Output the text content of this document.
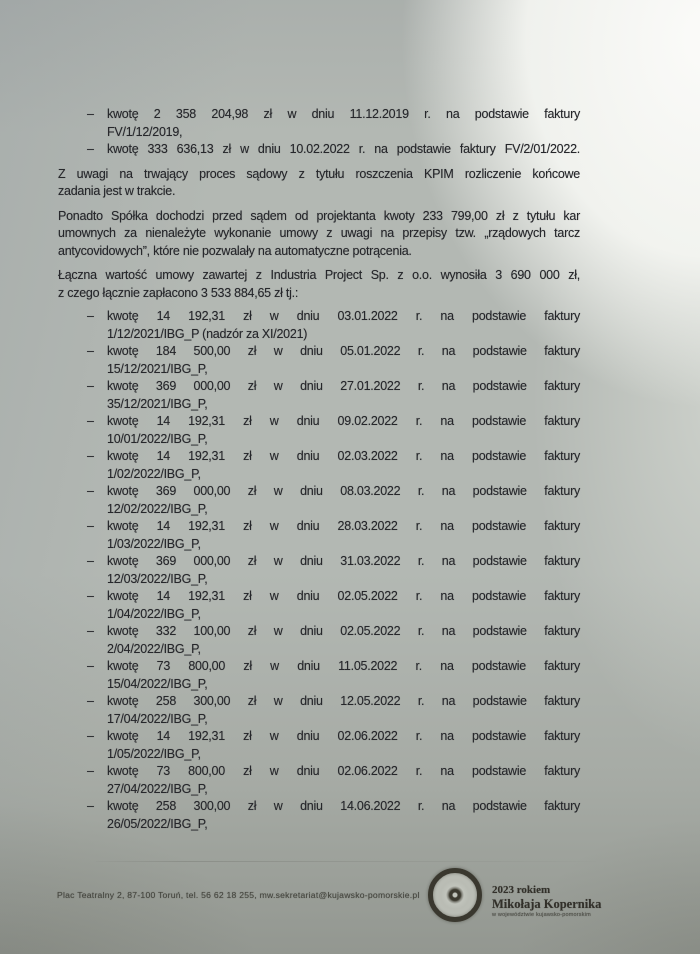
– kwotę 2 358 204,98 zł w dniu 11.12.2019 r. na podstawie faktury
FV/1/12/2019,
– kwotę 333 636,13 zł w dniu 10.02.2022 r. na podstawie faktury FV/2/01/2022.
Z uwagi na trwający proces sądowy z tytułu roszczenia KPIM rozliczenie końcowe
zadania jest w trakcie.
Ponadto Spółka dochodzi przed sądem od projektanta kwoty 233 799,00 zł z tytułu kar
umownych za nienależyte wykonanie umowy z uwagi na przepisy tzw. „rządowych tarcz
antycovidowych”, które nie pozwalały na automatyczne potrącenia.
Łączna wartość umowy zawartej z Industria Project Sp. z o.o. wynosiła 3 690 000 zł,
z czego łącznie zapłacono 3 533 884,65 zł tj.:
– kwotę 14 192,31 zł w dniu 03.01.2022 r. na podstawie faktury
1/12/2021/IBG_P (nadzór za XI/2021)
– kwotę 184 500,00 zł w dniu 05.01.2022 r. na podstawie faktury
15/12/2021/IBG_P,
– kwotę 369 000,00 zł w dniu 27.01.2022 r. na podstawie faktury
35/12/2021/IBG_P,
– kwotę 14 192,31 zł w dniu 09.02.2022 r. na podstawie faktury
10/01/2022/IBG_P,
– kwotę 14 192,31 zł w dniu 02.03.2022 r. na podstawie faktury
1/02/2022/IBG_P,
– kwotę 369 000,00 zł w dniu 08.03.2022 r. na podstawie faktury
12/02/2022/IBG_P,
– kwotę 14 192,31 zł w dniu 28.03.2022 r. na podstawie faktury
1/03/2022/IBG_P,
– kwotę 369 000,00 zł w dniu 31.03.2022 r. na podstawie faktury
12/03/2022/IBG_P,
– kwotę 14 192,31 zł w dniu 02.05.2022 r. na podstawie faktury
1/04/2022/IBG_P,
– kwotę 332 100,00 zł w dniu 02.05.2022 r. na podstawie faktury
2/04/2022/IBG_P,
– kwotę 73 800,00 zł w dniu 11.05.2022 r. na podstawie faktury
15/04/2022/IBG_P,
– kwotę 258 300,00 zł w dniu 12.05.2022 r. na podstawie faktury
17/04/2022/IBG_P,
– kwotę 14 192,31 zł w dniu 02.06.2022 r. na podstawie faktury
1/05/2022/IBG_P,
– kwotę 73 800,00 zł w dniu 02.06.2022 r. na podstawie faktury
27/04/2022/IBG_P,
– kwotę 258 300,00 zł w dniu 14.06.2022 r. na podstawie faktury
26/05/2022/IBG_P,
Plac Teatralny 2, 87-100 Toruń, tel. 56 62 18 255, mw.sekretariat@kujawsko-pomorskie.pl	2023 rokiem
Mikołaja Kopernika
w województwie kujawsko-pomorskim
